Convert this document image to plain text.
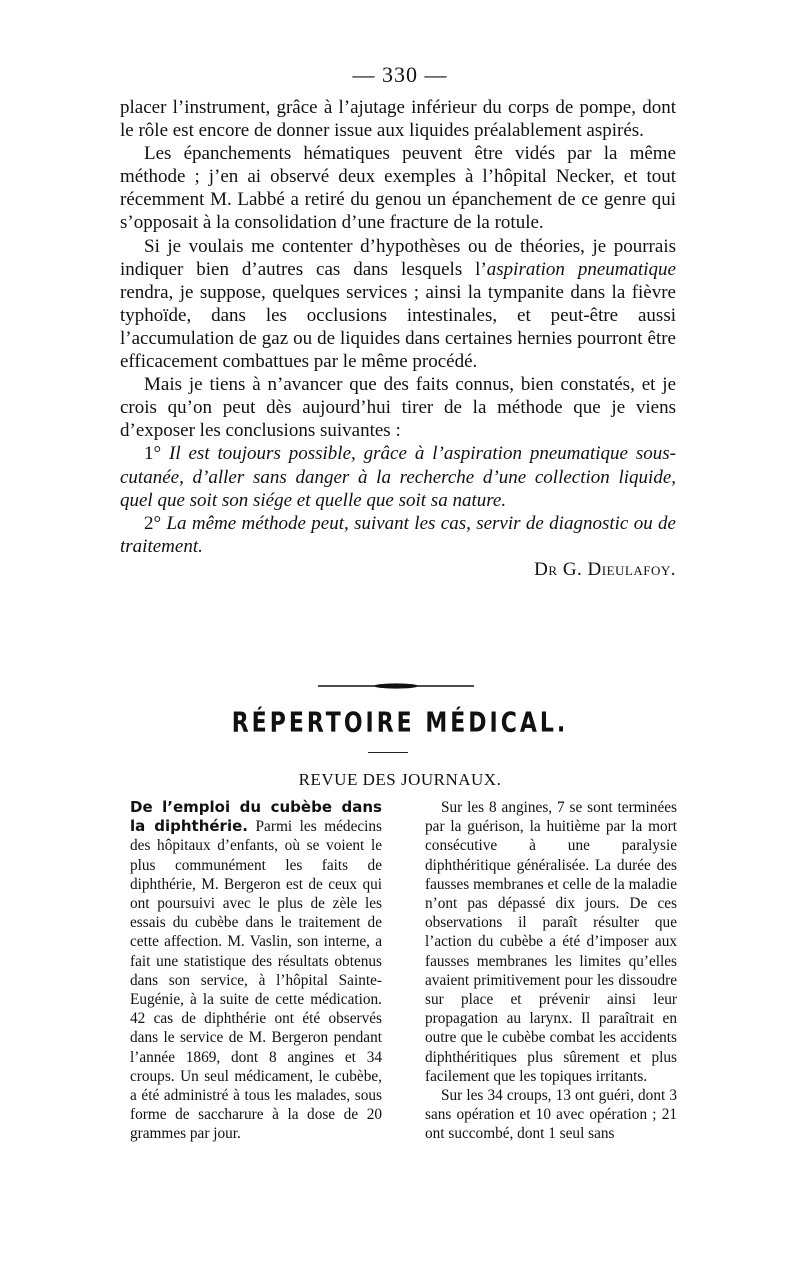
— 330 —

placer l’instrument, grâce à l’ajutage inférieur du corps de pompe, dont le rôle est encore de donner issue aux liquides préalablement aspirés.

Les épanchements hématiques peuvent être vidés par la même méthode ; j’en ai observé deux exemples à l’hôpital Necker, et tout récemment M. Labbé a retiré du genou un épanchement de ce genre qui s’opposait à la consolidation d’une fracture de la rotule.

Si je voulais me contenter d’hypothèses ou de théories, je pourrais indiquer bien d’autres cas dans lesquels l’aspiration pneumatique rendra, je suppose, quelques services ; ainsi la tympanite dans la fièvre typhoïde, dans les occlusions intestinales, et peut-être aussi l’accumulation de gaz ou de liquides dans certaines hernies pourront être efficacement combattues par le même procédé.

Mais je tiens à n’avancer que des faits connus, bien constatés, et je crois qu’on peut dès aujourd’hui tirer de la méthode que je viens d’exposer les conclusions suivantes :

1° Il est toujours possible, grâce à l’aspiration pneumatique sous-cutanée, d’aller sans danger à la recherche d’une collection liquide, quel que soit son siége et quelle que soit sa nature.

2° La même méthode peut, suivant les cas, servir de diagnostic ou de traitement.

Dr G. Dieulafoy.

RÉPERTOIRE MÉDICAL.
REVUE DES JOURNAUX.

De l’emploi du cubèbe dans la diphthérie. Parmi les médecins des hôpitaux d’enfants, où se voient le plus communément les faits de diphthérie, M. Bergeron est de ceux qui ont poursuivi avec le plus de zèle les essais du cubèbe dans le traitement de cette affection. M. Vaslin, son interne, a fait une statistique des résultats obtenus dans son service, à l’hôpital Sainte-Eugénie, à la suite de cette médication. 42 cas de diphthérie ont été observés dans le service de M. Bergeron pendant l’année 1869, dont 8 angines et 34 croups. Un seul médicament, le cubèbe, a été administré à tous les malades, sous forme de saccharure à la dose de 20 grammes par jour.

Sur les 8 angines, 7 se sont terminées par la guérison, la huitième par la mort consécutive à une paralysie diphthéritique généralisée. La durée des fausses membranes et celle de la maladie n’ont pas dépassé dix jours. De ces observations il paraît résulter que l’action du cubèbe a été d’imposer aux fausses membranes les limites qu’elles avaient primitivement pour les dissoudre sur place et prévenir ainsi leur propagation au larynx. Il paraîtrait en outre que le cubèbe combat les accidents diphthéritiques plus sûrement et plus facilement que les topiques irritants.

Sur les 34 croups, 13 ont guéri, dont 3 sans opération et 10 avec opération ; 21 ont succombé, dont 1 seul sans
